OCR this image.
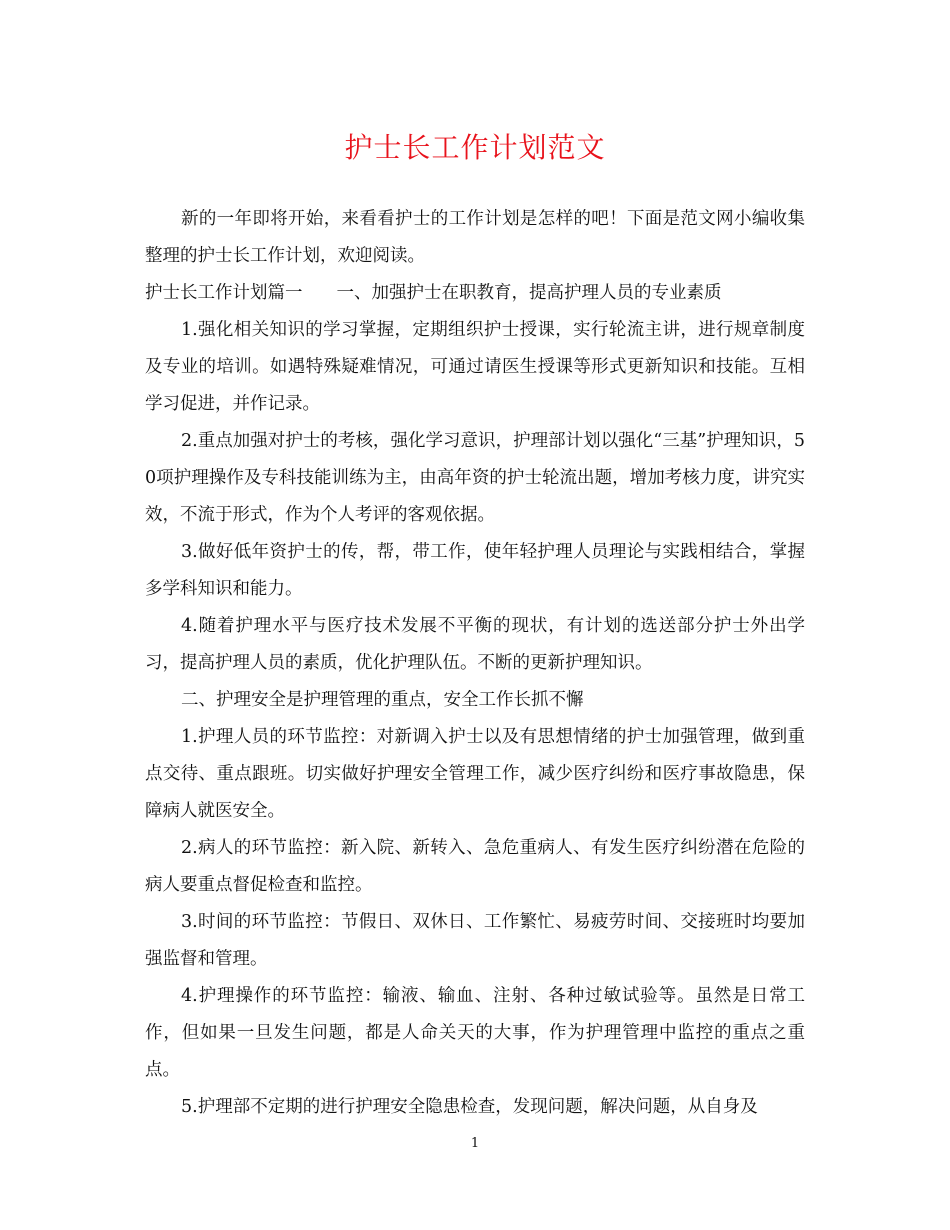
护士长工作计划范文

新的一年即将开始，来看看护士的工作计划是怎样的吧！下面是范文网小编收集整理的护士长工作计划，欢迎阅读。

护士长工作计划篇一 一、加强护士在职教育，提高护理人员的专业素质

1.强化相关知识的学习掌握，定期组织护士授课，实行轮流主讲，进行规章制度及专业的培训。如遇特殊疑难情况，可通过请医生授课等形式更新知识和技能。互相学习促进，并作记录。

2.重点加强对护士的考核，强化学习意识，护理部计划以强化“三基”护理知识，50项护理操作及专科技能训练为主，由高年资的护士轮流出题，增加考核力度，讲究实效，不流于形式，作为个人考评的客观依据。

3.做好低年资护士的传，帮，带工作，使年轻护理人员理论与实践相结合，掌握多学科知识和能力。

4.随着护理水平与医疗技术发展不平衡的现状，有计划的选送部分护士外出学习，提高护理人员的素质，优化护理队伍。不断的更新护理知识。

二、护理安全是护理管理的重点，安全工作长抓不懈

1.护理人员的环节监控：对新调入护士以及有思想情绪的护士加强管理，做到重点交待、重点跟班。切实做好护理安全管理工作，减少医疗纠纷和医疗事故隐患，保障病人就医安全。

2.病人的环节监控：新入院、新转入、急危重病人、有发生医疗纠纷潜在危险的病人要重点督促检查和监控。

3.时间的环节监控：节假日、双休日、工作繁忙、易疲劳时间、交接班时均要加强监督和管理。

4.护理操作的环节监控：输液、输血、注射、各种过敏试验等。虽然是日常工作，但如果一旦发生问题，都是人命关天的大事，作为护理管理中监控的重点之重点。

5.护理部不定期的进行护理安全隐患检查，发现问题，解决问题，从自身及

1
